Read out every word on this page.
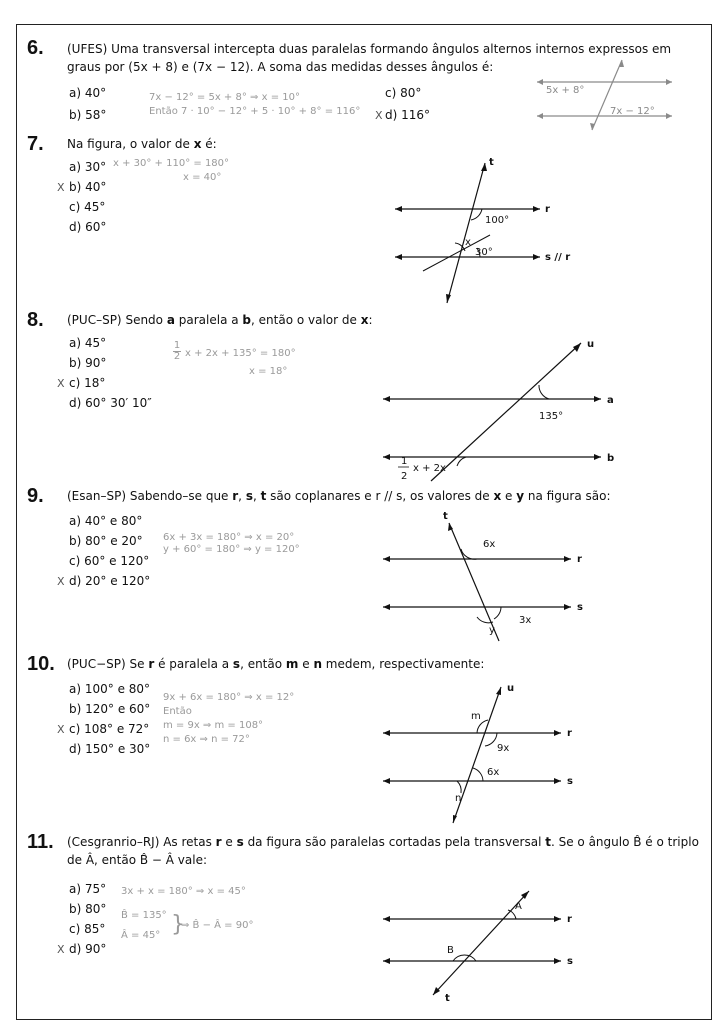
6. (UFES) Uma transversal intercepta duas paralelas formando ângulos alternos internos expressos em graus por (5x + 8) e (7x − 12). A soma das medidas desses ângulos é:
a) 40°
b) 58°
c) 80°
X d) 116°
7x − 12° = 5x + 8° ⇒ x = 10°
Então 7 · 10° − 12° + 5 · 10° + 8° = 116°
5x + 8°
7x − 12°
7. Na figura, o valor de x é:
a) 30°
X b) 40°
c) 45°
d) 60°
x + 30° + 110° = 180°
x = 40°
t
r
s // r
100°
30°
x
8. (PUC–SP) Sendo a paralela a b, então o valor de x:
a) 45°
b) 90°
X c) 18°
d) 60° 30′ 10″
1
2 x + 2x + 135° = 180°
x = 18°
u
a
b
135°
1
2
x + 2x
9. (Esan–SP) Sabendo–se que r, s, t são coplanares e r // s, os valores de x e y na figura são:
a) 40° e 80°
b) 80° e 20°
c) 60° e 120°
X d) 20° e 120°
6x + 3x = 180° ⇒ x = 20°
y + 60° = 180° ⇒ y = 120°
t
r
s
6x
3x
y
10. (PUC−SP) Se r é paralela a s, então m e n medem, respectivamente:
a) 100° e 80°
b) 120° e 60°
X c) 108° e 72°
d) 150° e 30°
9x + 6x = 180° ⇒ x = 12°
Então
m = 9x ⇒ m = 108°
n = 6x ⇒ n = 72°
u
r
s
m
9x
6x
n
11. (Cesgranrio–RJ) As retas r e s da figura são paralelas cortadas pela transversal t. Se o ângulo B̂ é o triplo de Â, então B̂ − Â vale:
a) 75°
b) 80°
c) 85°
X d) 90°
3x + x = 180° ⇒ x = 45°
B̂ = 135°
Â = 45° }
⇒ B̂ − Â = 90°
r
s
t
A
B
